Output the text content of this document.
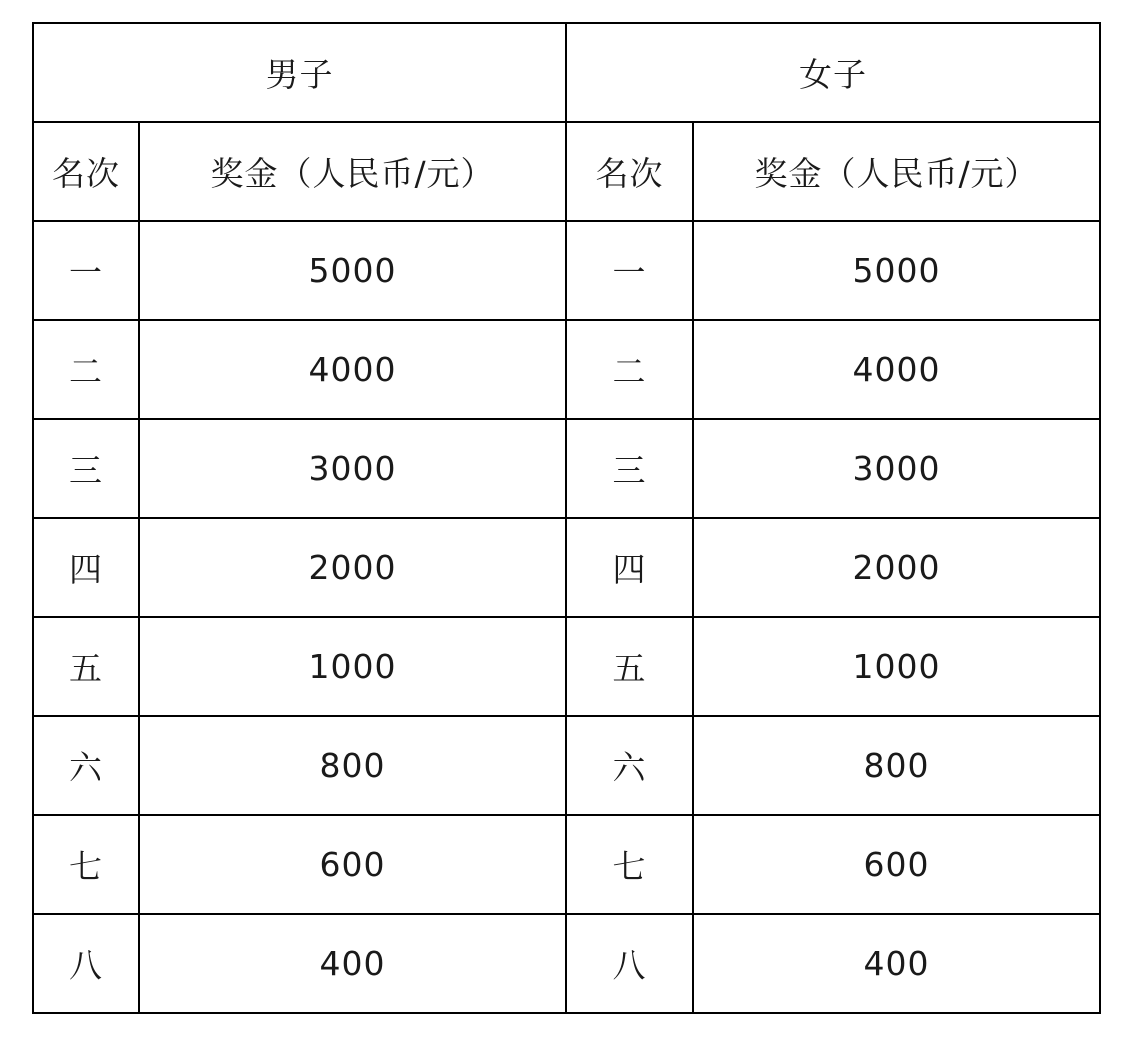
男子		女子	
名次	奖金（人民币/元）	名次	奖金（人民币/元）
一	5000	一	5000
二	4000	二	4000
三	3000	三	3000
四	2000	四	2000
五	1000	五	1000
六	800	六	800
七	600	七	600
八	400	八	400
